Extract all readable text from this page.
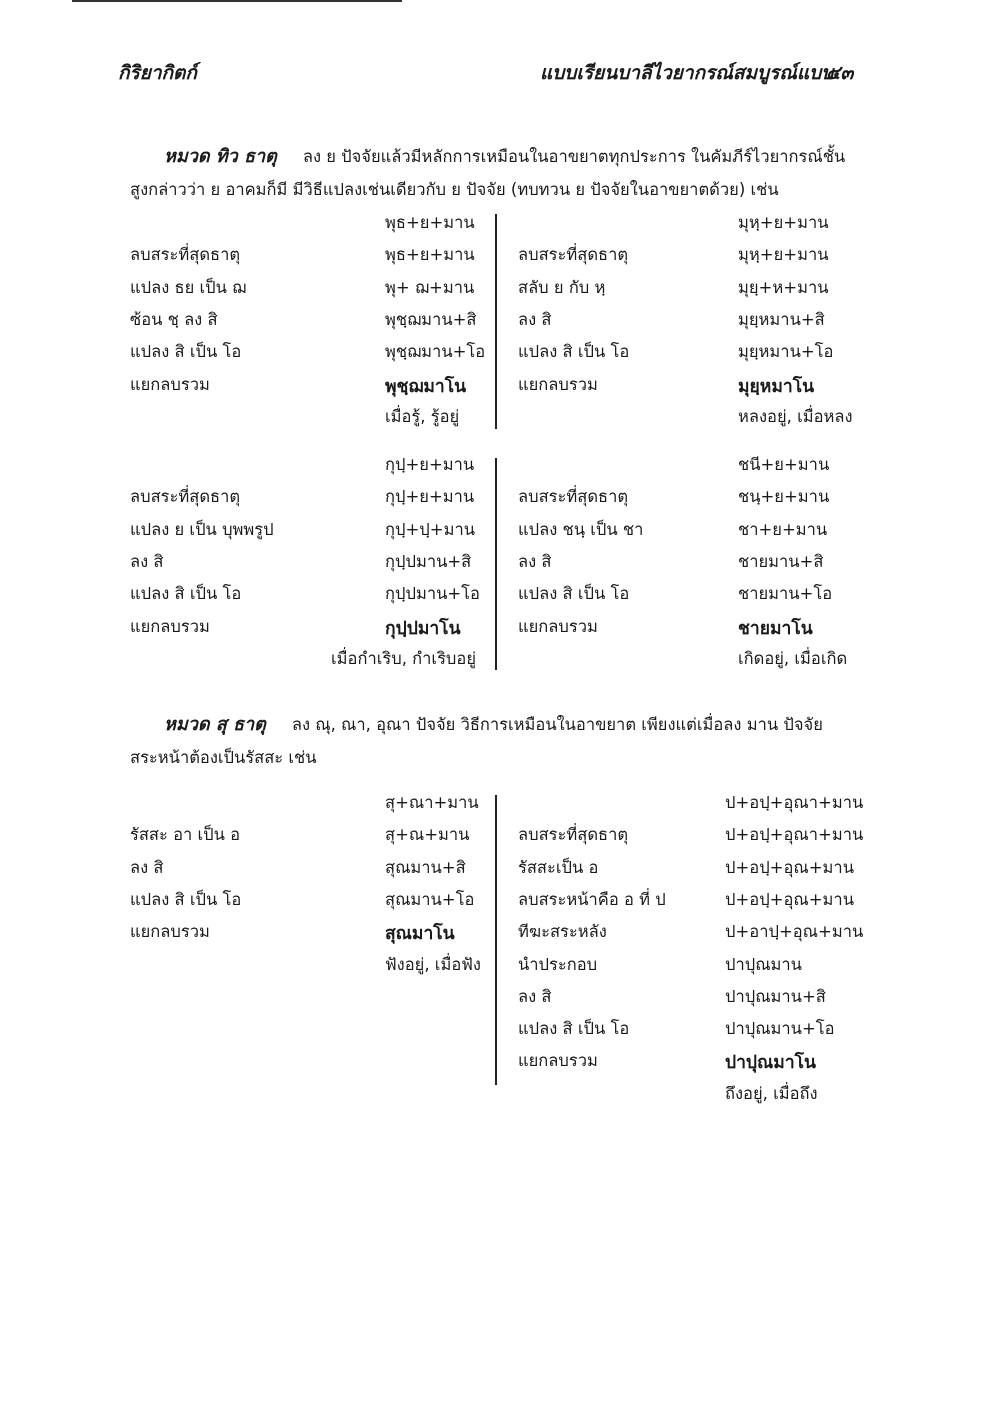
กิริยากิตก์	แบบเรียนบาลีไวยากรณ์สมบูรณ์แบบ
๔๓
หมวด ทิว ธาตุ ลง ย ปัจจัยแล้วมีหลักการเหมือนในอาขยาตทุกประการ ในคัมภีร์ไวยากรณ์ชั้นสูงกล่าวว่า ย อาคมก็มี มีวิธีแปลงเช่นเดียวกับ ย ปัจจัย (ทบทวน ย ปัจจัยในอาขยาตด้วย) เช่น
หมวด สุ ธาตุ ลง ณุ, ณา, อุณา ปัจจัย วิธีการเหมือนในอาขยาต เพียงแต่เมื่อลง มาน ปัจจัย สระหน้าต้องเป็นรัสสะ เช่น
พุธ+ย+มาน
ลบสระที่สุดธาตุ	พุธ+ย+มาน
แปลง ธย เป็น ฌ	พุ+ ฌ+มาน
ซ้อน ชฺ ลง สิ	พุชฺฌมาน+สิ
แปลง สิ เป็น โอ	พุชฺฌมาน+โอ
แยกลบรวม	พุชฺฌมาโน
เมื่อรู้, รู้อยู่
มุหฺ+ย+มาน
ลบสระที่สุดธาตุ	มุหฺ+ย+มาน
สลับ ย กับ หฺ	มุยฺ+ห+มาน
ลง สิ	มุยฺหมาน+สิ
แปลง สิ เป็น โอ	มุยฺหมาน+โอ
แยกลบรวม	มุยฺหมาโน
หลงอยู่, เมื่อหลง
กุปฺ+ย+มาน
ลบสระที่สุดธาตุ	กุปฺ+ย+มาน
แปลง ย เป็น บุพพรูป	กุปฺ+ปฺ+มาน
ลง สิ	กุปฺปมาน+สิ
แปลง สิ เป็น โอ	กุปฺปมาน+โอ
แยกลบรวม	กุปฺปมาโน
เมื่อกำเริบ, กำเริบอยู่
ชนี+ย+มาน
ลบสระที่สุดธาตุ	ชนฺ+ย+มาน
แปลง ชนฺ เป็น ชา	ชา+ย+มาน
ลง สิ	ชายมาน+สิ
แปลง สิ เป็น โอ	ชายมาน+โอ
แยกลบรวม	ชายมาโน
เกิดอยู่, เมื่อเกิด
สุ+ณา+มาน
รัสสะ อา เป็น อ	สุ+ณ+มาน
ลง สิ	สุณมาน+สิ
แปลง สิ เป็น โอ	สุณมาน+โอ
แยกลบรวม	สุณมาโน
ฟังอยู่, เมื่อฟัง
ป+อปฺ+อุณา+มาน
ลบสระที่สุดธาตุ	ป+อปฺ+อุณา+มาน
รัสสะเป็น อ	ป+อปฺ+อุณ+มาน
ลบสระหน้าคือ อ ที่ ป	ป+อปฺ+อุณ+มาน
ทีฆะสระหลัง	ป+อาปฺ+อุณ+มาน
นำประกอบ	ปาปุณมาน
ลง สิ	ปาปุณมาน+สิ
แปลง สิ เป็น โอ	ปาปุณมาน+โอ
แยกลบรวม	ปาปุณมาโน
ถึงอยู่, เมื่อถึง
